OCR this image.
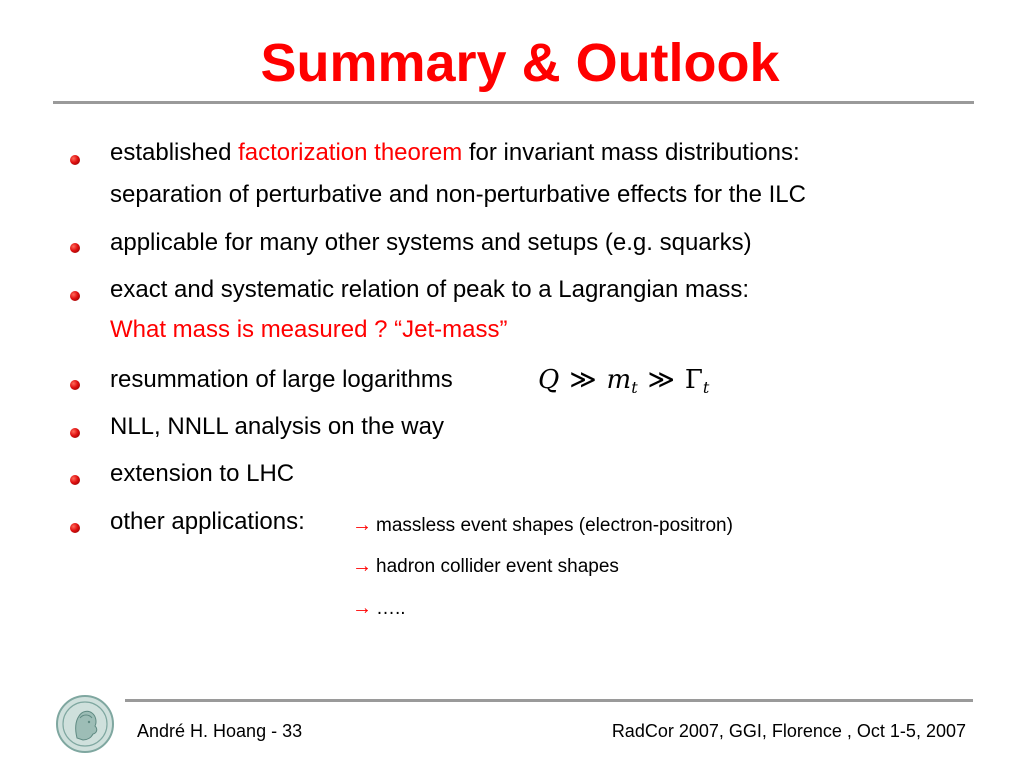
Summary & Outlook
established factorization theorem for invariant mass distributions:
separation of perturbative and non-perturbative effects for the ILC
applicable for many other systems and setups (e.g. squarks)
exact and systematic relation of peak to a Lagrangian mass:
What mass is measured ? “Jet-mass”
resummation of large logarithms	Q ≫ $m_t$ ≫ $\Gamma_t$
NLL, NNLL analysis on the way
extension to LHC
other applications: → massless event shapes (electron-positron)
→ hadron collider event shapes
→ …..
André H. Hoang - 33	RadCor 2007, GGI, Florence , Oct 1-5, 2007
